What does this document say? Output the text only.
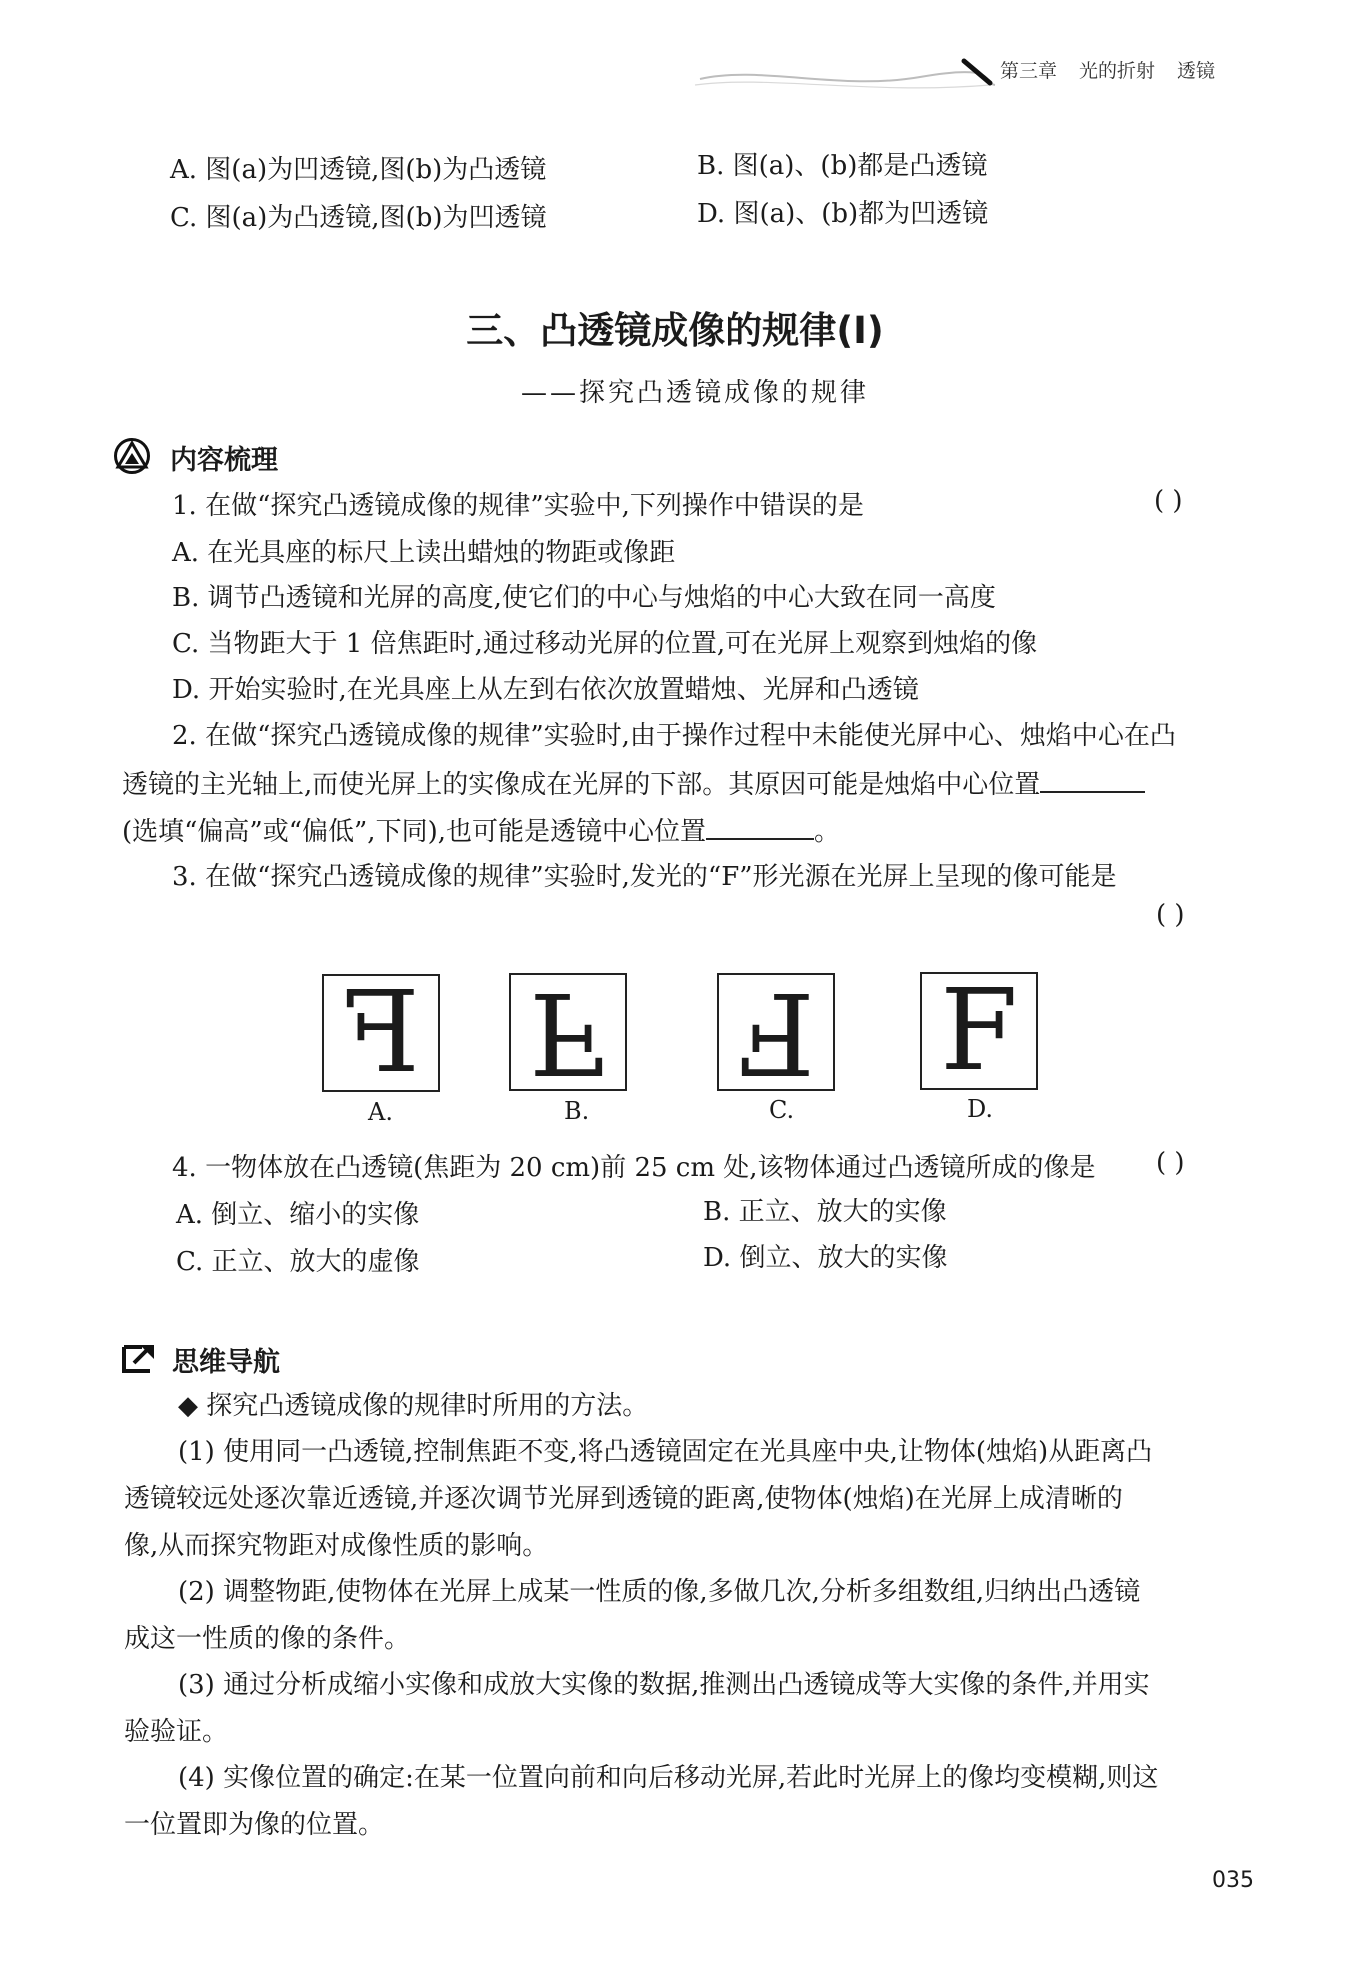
第三章 光的折射 透镜
A. 图(a)为凹透镜,图(b)为凸透镜	B. 图(a)、(b)都是凸透镜
C. 图(a)为凸透镜,图(b)为凹透镜	D. 图(a)、(b)都为凹透镜
三、凸透镜成像的规律(Ⅰ)
——探究凸透镜成像的规律
内容梳理
1. 在做“探究凸透镜成像的规律”实验中,下列操作中错误的是	( )
A. 在光具座的标尺上读出蜡烛的物距或像距
B. 调节凸透镜和光屏的高度,使它们的中心与烛焰的中心大致在同一高度
C. 当物距大于 1 倍焦距时,通过移动光屏的位置,可在光屏上观察到烛焰的像
D. 开始实验时,在光具座上从左到右依次放置蜡烛、光屏和凸透镜
2. 在做“探究凸透镜成像的规律”实验时,由于操作过程中未能使光屏中心、烛焰中心在凸
透镜的主光轴上,而使光屏上的实像成在光屏的下部。其原因可能是烛焰中心位置
(选填“偏高”或“偏低”,下同),也可能是透镜中心位置	。
3. 在做“探究凸透镜成像的规律”实验时,发光的“F”形光源在光屏上呈现的像可能是
( )
F F F F
A.	B.	C.	D.
4. 一物体放在凸透镜(焦距为 20 cm)前 25 cm 处,该物体通过凸透镜所成的像是 ( )
A. 倒立、缩小的实像	B. 正立、放大的实像
C. 正立、放大的虚像	D. 倒立、放大的实像
思维导航
◆ 探究凸透镜成像的规律时所用的方法。
(1) 使用同一凸透镜,控制焦距不变,将凸透镜固定在光具座中央,让物体(烛焰)从距离凸
透镜较远处逐次靠近透镜,并逐次调节光屏到透镜的距离,使物体(烛焰)在光屏上成清晰的
像,从而探究物距对成像性质的影响。
(2) 调整物距,使物体在光屏上成某一性质的像,多做几次,分析多组数组,归纳出凸透镜
成这一性质的像的条件。
(3) 通过分析成缩小实像和成放大实像的数据,推测出凸透镜成等大实像的条件,并用实
验验证。
(4) 实像位置的确定:在某一位置向前和向后移动光屏,若此时光屏上的像均变模糊,则这
一位置即为像的位置。
035
